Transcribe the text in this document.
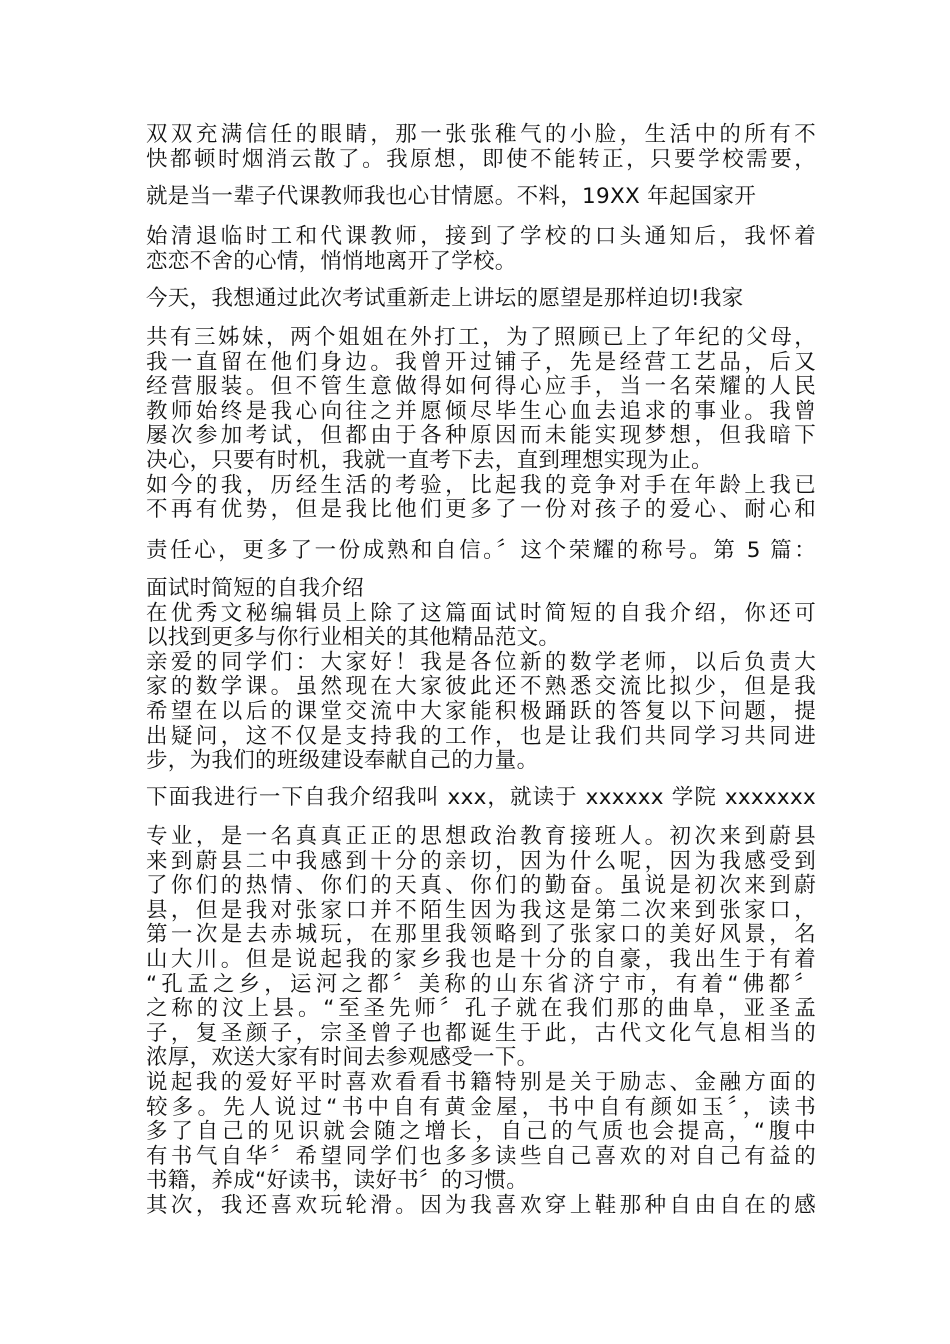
双双充满信任的眼睛，那一张张稚气的小脸，生活中的所有不
快都顿时烟消云散了。我原想，即使不能转正，只要学校需要，
就是当一辈子代课教师我也心甘情愿。不料，19XX 年起国家开
始清退临时工和代课教师，接到了学校的口头通知后，我怀着
恋恋不舍的心情，悄悄地离开了学校。
今天，我想通过此次考试重新走上讲坛的愿望是那样迫切!我家
共有三姊妹，两个姐姐在外打工，为了照顾已上了年纪的父母，
我一直留在他们身边。我曾开过铺子，先是经营工艺品，后又
经营服装。但不管生意做得如何得心应手，当一名荣耀的人民
教师始终是我心向往之并愿倾尽毕生心血去追求的事业。我曾
屡次参加考试，但都由于各种原因而未能实现梦想，但我暗下
决心，只要有时机，我就一直考下去，直到理想实现为止。
如今的我，历经生活的考验，比起我的竞争对手在年龄上我已
不再有优势，但是我比他们更多了一份对孩子的爱心、耐心和
责任心，更多了一份成熟和自信。〞这个荣耀的称号。第 5 篇：
面试时简短的自我介绍
在优秀文秘编辑员上除了这篇面试时简短的自我介绍，你还可
以找到更多与你行业相关的其他精品范文。
亲爱的同学们：大家好！我是各位新的数学老师，以后负责大
家的数学课。虽然现在大家彼此还不熟悉交流比拟少，但是我
希望在以后的课堂交流中大家能积极踊跃的答复以下问题，提
出疑问，这不仅是支持我的工作，也是让我们共同学习共同进
步，为我们的班级建设奉献自己的力量。
下面我进行一下自我介绍我叫 xxx，就读于 xxxxxx 学院 xxxxxxx
专业，是一名真真正正的思想政治教育接班人。初次来到蔚县
来到蔚县二中我感到十分的亲切，因为什么呢，因为我感受到
了你们的热情、你们的天真、你们的勤奋。虽说是初次来到蔚
县，但是我对张家口并不陌生因为我这是第二次来到张家口，
第一次是去赤城玩，在那里我领略到了张家口的美好风景，名
山大川。但是说起我的家乡我也是十分的自豪，我出生于有着
“孔孟之乡，运河之都〞美称的山东省济宁市，有着“佛都〞
之称的汶上县。“至圣先师〞孔子就在我们那的曲阜，亚圣孟
子，复圣颜子，宗圣曾子也都诞生于此，古代文化气息相当的
浓厚，欢送大家有时间去参观感受一下。
说起我的爱好平时喜欢看看书籍特别是关于励志、金融方面的
较多。先人说过“书中自有黄金屋，书中自有颜如玉〞，读书
多了自己的见识就会随之增长，自己的气质也会提高，“腹中
有书气自华〞希望同学们也多多读些自己喜欢的对自己有益的
书籍，养成“好读书，读好书〞的习惯。
其次，我还喜欢玩轮滑。因为我喜欢穿上鞋那种自由自在的感
